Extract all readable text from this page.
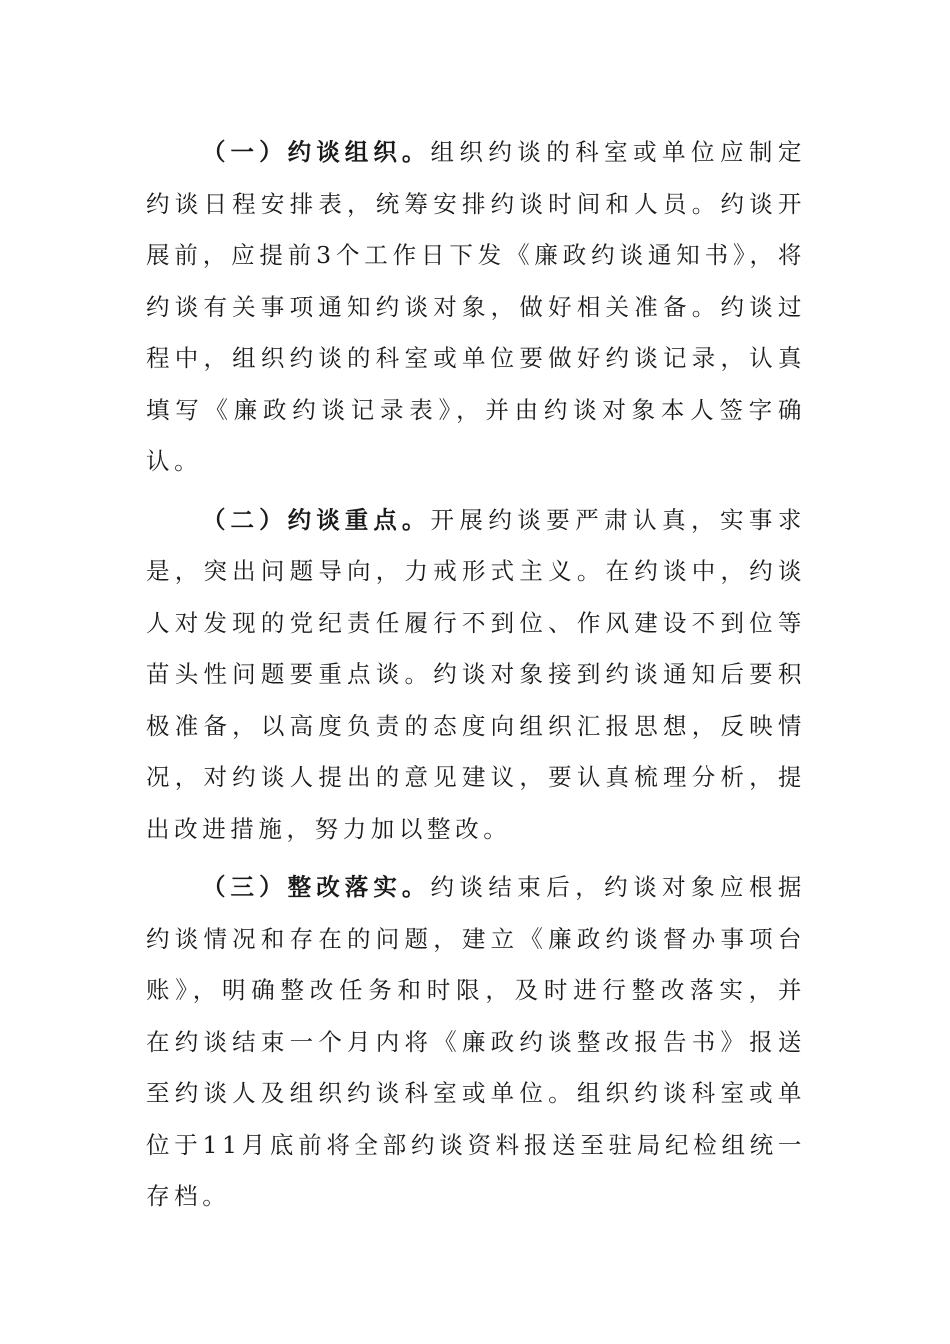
（一）约谈组织。组织约谈的科室或单位应制定约谈日程安排表，统筹安排约谈时间和人员。约谈开展前，应提前3个工作日下发《廉政约谈通知书》，将约谈有关事项通知约谈对象，做好相关准备。约谈过程中，组织约谈的科室或单位要做好约谈记录，认真填写《廉政约谈记录表》，并由约谈对象本人签字确认。

（二）约谈重点。开展约谈要严肃认真，实事求是，突出问题导向，力戒形式主义。在约谈中，约谈人对发现的党纪责任履行不到位、作风建设不到位等苗头性问题要重点谈。约谈对象接到约谈通知后要积极准备，以高度负责的态度向组织汇报思想，反映情况，对约谈人提出的意见建议，要认真梳理分析，提出改进措施，努力加以整改。

（三）整改落实。约谈结束后，约谈对象应根据约谈情况和存在的问题，建立《廉政约谈督办事项台账》，明确整改任务和时限，及时进行整改落实，并在约谈结束一个月内将《廉政约谈整改报告书》报送至约谈人及组织约谈科室或单位。组织约谈科室或单位于11月底前将全部约谈资料报送至驻局纪检组统一存档。
